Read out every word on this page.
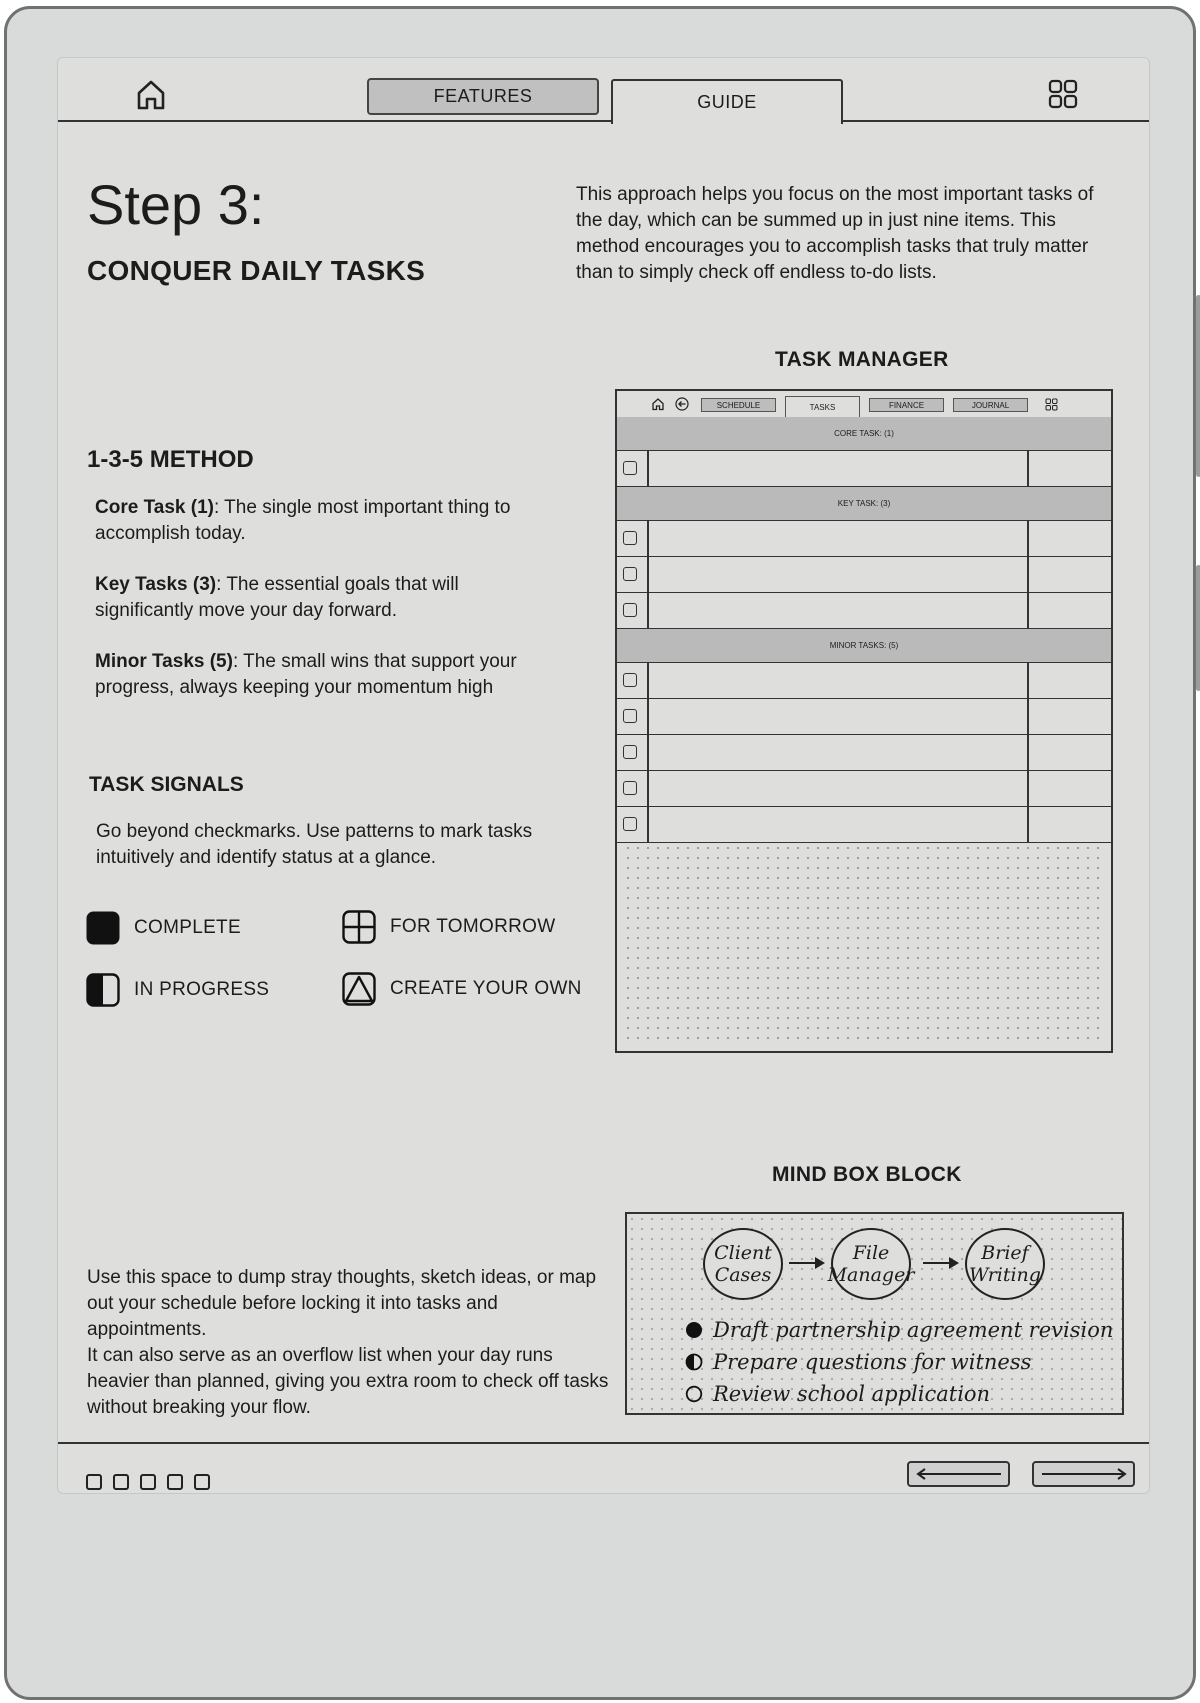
FEATURES	GUIDE
Step 3:
CONQUER DAILY TASKS

This approach helps you focus on the most important tasks of the day, which can be summed up in just nine items. This method encourages you to accomplish tasks that truly matter than to simply check off endless to-do lists.

1-3-5 METHOD

Core Task (1): The single most important thing to accomplish today.

Key Tasks (3): The essential goals that will significantly move your day forward.

Minor Tasks (5): The small wins that support your progress, always keeping your momentum high

TASK SIGNALS

Go beyond checkmarks. Use patterns to mark tasks intuitively and identify status at a glance.

COMPLETE	FOR TOMORROW
IN PROGRESS	CREATE YOUR OWN
TASK MANAGER
SCHEDULE	TASKS	FINANCE	JOURNAL
CORE TASK: (1)
KEY TASK: (3)
MINOR TASKS: (5)
MIND BOX BLOCK
Use this space to dump stray thoughts, sketch ideas, or map out your schedule before locking it into tasks and appointments.
It can also serve as an overflow list when your day runs heavier than planned, giving you extra room to check off tasks without breaking your flow.
Client Cases
File Manager
Brief Writing
Draft partnership agreement revision
Prepare questions for witness
Review school application
